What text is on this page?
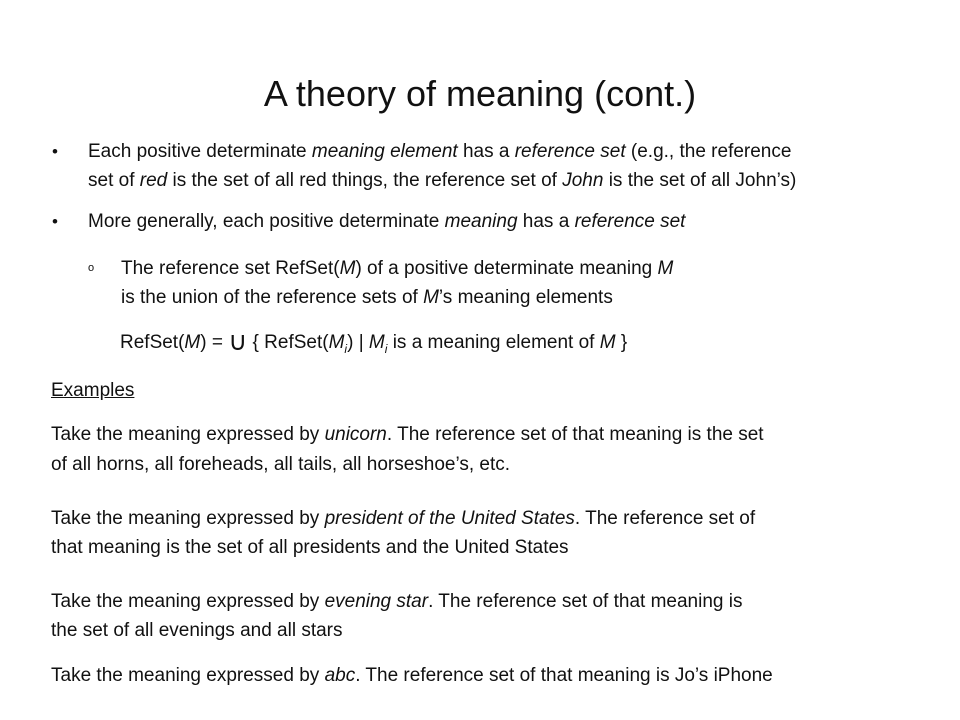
A theory of meaning (cont.)
• Each positive determinate meaning element has a reference set (e.g., the reference
set of red is the set of all red things, the reference set of John is the set of all John’s)
• More generally, each positive determinate meaning has a reference set
o The reference set RefSet(M) of a positive determinate meaning M
is the union of the reference sets of M’s meaning elements
RefSet(M) = ∪ { $RefSet(M_i)$ | $M_i$ is a meaning element of M }
Examples
Take the meaning expressed by unicorn. The reference set of that meaning is the set
of all horns, all foreheads, all tails, all horseshoe’s, etc.
Take the meaning expressed by president of the United States. The reference set of
that meaning is the set of all presidents and the United States
Take the meaning expressed by evening star. The reference set of that meaning is
the set of all evenings and all stars
Take the meaning expressed by abc. The reference set of that meaning is Jo’s iPhone
